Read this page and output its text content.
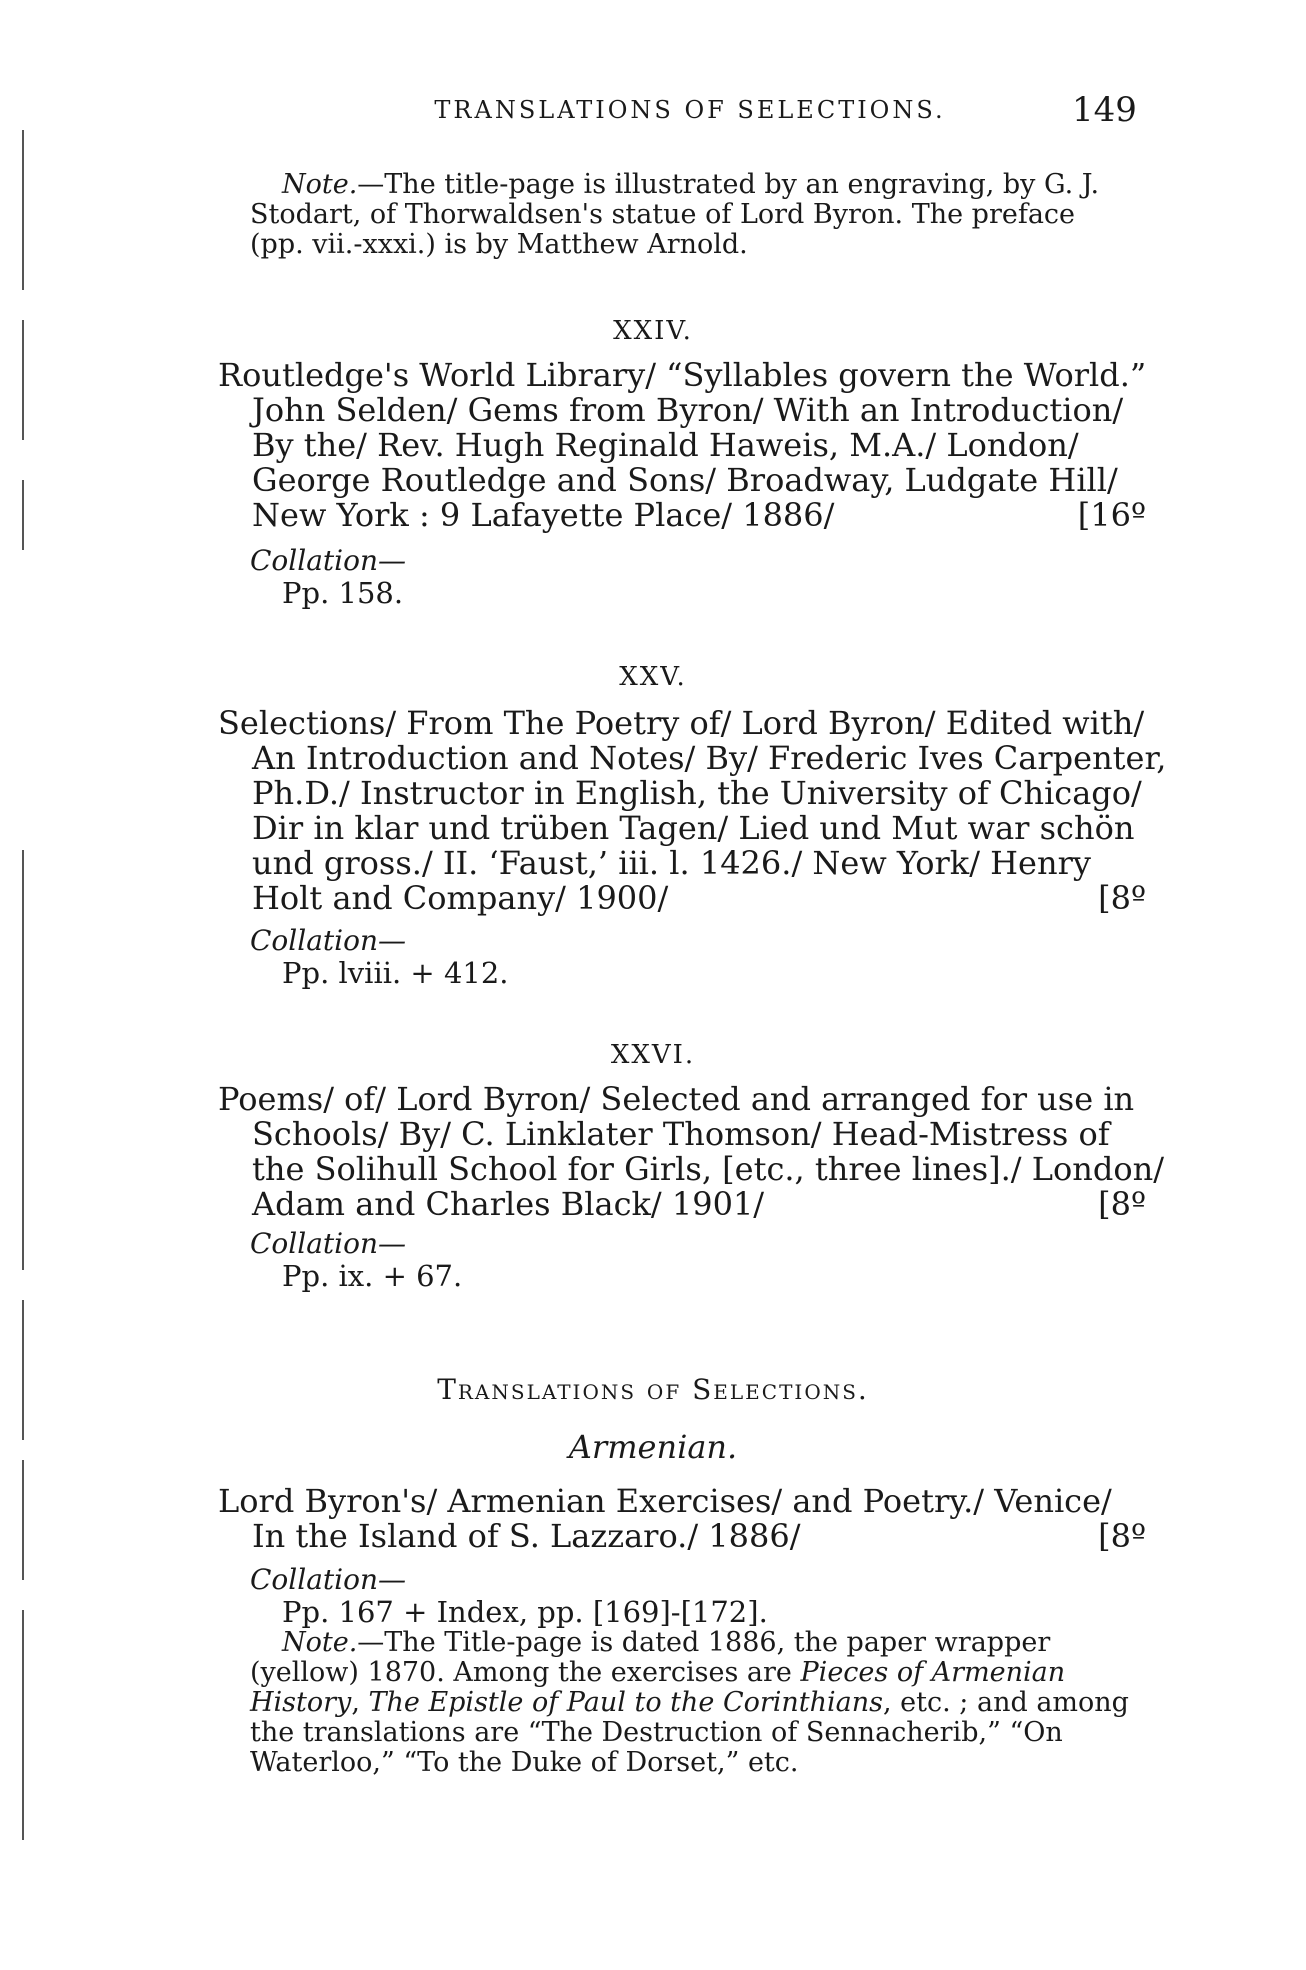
TRANSLATIONS OF SELECTIONS.	149
Note.—The title-page is illustrated by an engraving, by G. J.
Stodart, of Thorwaldsen's statue of Lord Byron. The preface
(pp. vii.-xxxi.) is by Matthew Arnold.
XXIV.
Routledge's World Library/ “Syllables govern the World.”
John Selden/ Gems from Byron/ With an Introduction/
By the/ Rev. Hugh Reginald Haweis, M.A./ London/
George Routledge and Sons/ Broadway, Ludgate Hill/
New York : 9 Lafayette Place/ 1886/	[16º
Collation—
Pp. 158.
XXV.
Selections/ From The Poetry of/ Lord Byron/ Edited with/
An Introduction and Notes/ By/ Frederic Ives Carpenter,
Ph.D./ Instructor in English, the University of Chicago/
Dir in klar und trüben Tagen/ Lied und Mut war schön
und gross./ II. ‘Faust,’ iii. l. 1426./ New York/ Henry
Holt and Company/ 1900/	[8º
Collation—
Pp. lviii. + 412.
XXVI.
Poems/ of/ Lord Byron/ Selected and arranged for use in
Schools/ By/ C. Linklater Thomson/ Head-Mistress of
the Solihull School for Girls, [etc., three lines]./ London/
Adam and Charles Black/ 1901/	[8º
Collation—
Pp. ix. + 67.
Translations of Selections.
Armenian.
Lord Byron's/ Armenian Exercises/ and Poetry./ Venice/
In the Island of S. Lazzaro./ 1886/	[8º
Collation—
Pp. 167 + Index, pp. [169]-[172].
Note.—The Title-page is dated 1886, the paper wrapper
(yellow) 1870. Among the exercises are Pieces of Armenian
History, The Epistle of Paul to the Corinthians, etc. ; and among
the translations are “The Destruction of Sennacherib,” “On
Waterloo,” “To the Duke of Dorset,” etc.
